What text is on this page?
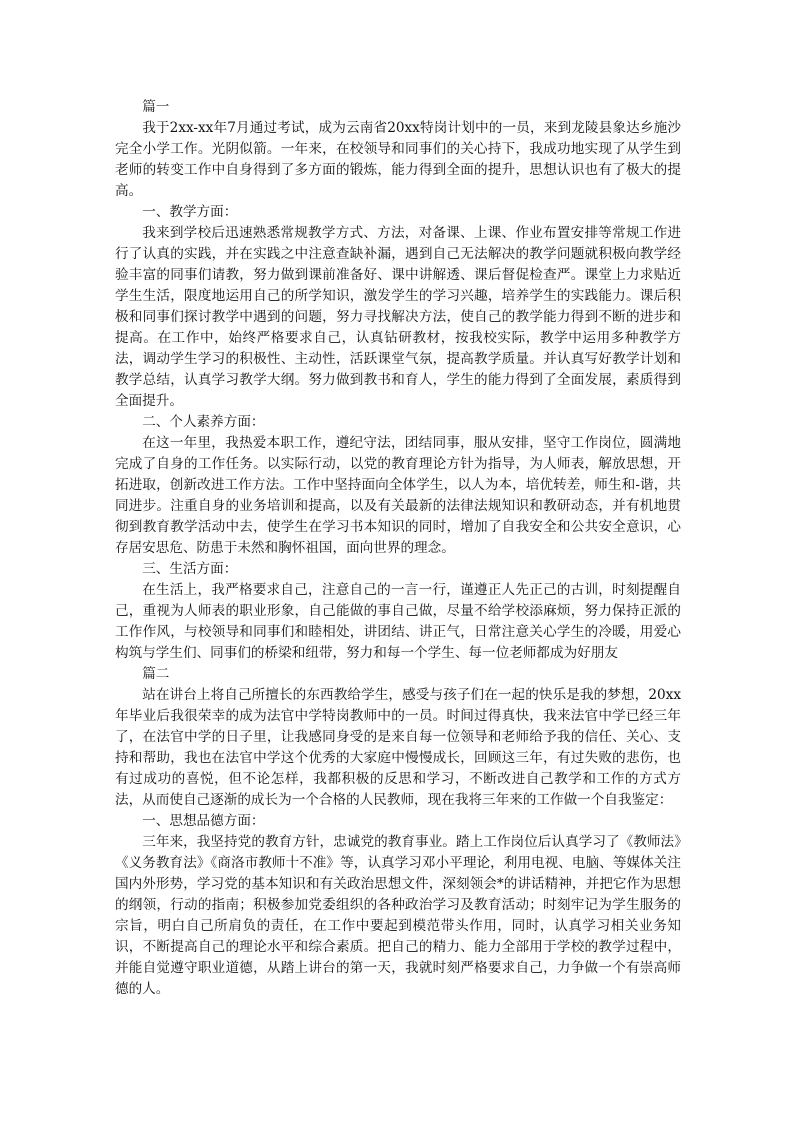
篇一

我于2xx-xx年7月通过考试，成为云南省20xx特岗计划中的一员，来到龙陵县象达乡施沙完全小学工作。光阴似箭。一年来，在校领导和同事们的关心持下，我成功地实现了从学生到老师的转变工作中自身得到了多方面的锻炼，能力得到全面的提升，思想认识也有了极大的提高。

一、教学方面：

我来到学校后迅速熟悉常规教学方式、方法，对备课、上课、作业布置安排等常规工作进行了认真的实践，并在实践之中注意查缺补漏，遇到自己无法解决的教学问题就积极向教学经验丰富的同事们请教，努力做到课前准备好、课中讲解透、课后督促检查严。课堂上力求贴近学生生活，限度地运用自己的所学知识，激发学生的学习兴趣，培养学生的实践能力。课后积极和同事们探讨教学中遇到的问题，努力寻找解决方法，使自己的教学能力得到不断的进步和提高。在工作中，始终严格要求自己，认真钻研教材，按我校实际，教学中运用多种教学方法，调动学生学习的积极性、主动性，活跃课堂气氛，提高教学质量。并认真写好教学计划和教学总结，认真学习教学大纲。努力做到教书和育人，学生的能力得到了全面发展，素质得到全面提升。

二、个人素养方面：

在这一年里，我热爱本职工作，遵纪守法，团结同事，服从安排，坚守工作岗位，圆满地完成了自身的工作任务。以实际行动，以党的教育理论方针为指导，为人师表，解放思想，开拓进取，创新改进工作方法。工作中坚持面向全体学生，以人为本，培优转差，师生和-谐，共同进步。注重自身的业务培训和提高，以及有关最新的法律法规知识和教研动态，并有机地贯彻到教育教学活动中去，使学生在学习书本知识的同时，增加了自我安全和公共安全意识，心存居安思危、防患于未然和胸怀祖国，面向世界的理念。

三、生活方面：

在生活上，我严格要求自己，注意自己的一言一行，谨遵正人先正己的古训，时刻提醒自己，重视为人师表的职业形象，自己能做的事自己做，尽量不给学校添麻烦，努力保持正派的工作作风，与校领导和同事们和睦相处，讲团结、讲正气，日常注意关心学生的冷暖，用爱心构筑与学生们、同事们的桥梁和纽带，努力和每一个学生、每一位老师都成为好朋友

篇二

站在讲台上将自己所擅长的东西教给学生，感受与孩子们在一起的快乐是我的梦想，20xx年毕业后我很荣幸的成为法官中学特岗教师中的一员。时间过得真快，我来法官中学已经三年了，在法官中学的日子里，让我感同身受的是来自每一位领导和老师给予我的信任、关心、支持和帮助，我也在法官中学这个优秀的大家庭中慢慢成长，回顾这三年，有过失败的悲伤，也有过成功的喜悦，但不论怎样，我都积极的反思和学习，不断改进自己教学和工作的方式方法，从而使自己逐渐的成长为一个合格的人民教师，现在我将三年来的工作做一个自我鉴定：

一、思想品德方面：

三年来，我坚持党的教育方针，忠诚党的教育事业。踏上工作岗位后认真学习了《教师法》《义务教育法》《商洛市教师十不准》等，认真学习邓小平理论，利用电视、电脑、等媒体关注国内外形势，学习党的基本知识和有关政治思想文件，深刻领会*的讲话精神，并把它作为思想的纲领，行动的指南；积极参加党委组织的各种政治学习及教育活动；时刻牢记为学生服务的宗旨，明白自己所肩负的责任，在工作中要起到模范带头作用，同时，认真学习相关业务知识，不断提高自己的理论水平和综合素质。把自己的精力、能力全部用于学校的教学过程中，并能自觉遵守职业道德，从踏上讲台的第一天，我就时刻严格要求自己，力争做一个有崇高师德的人。
